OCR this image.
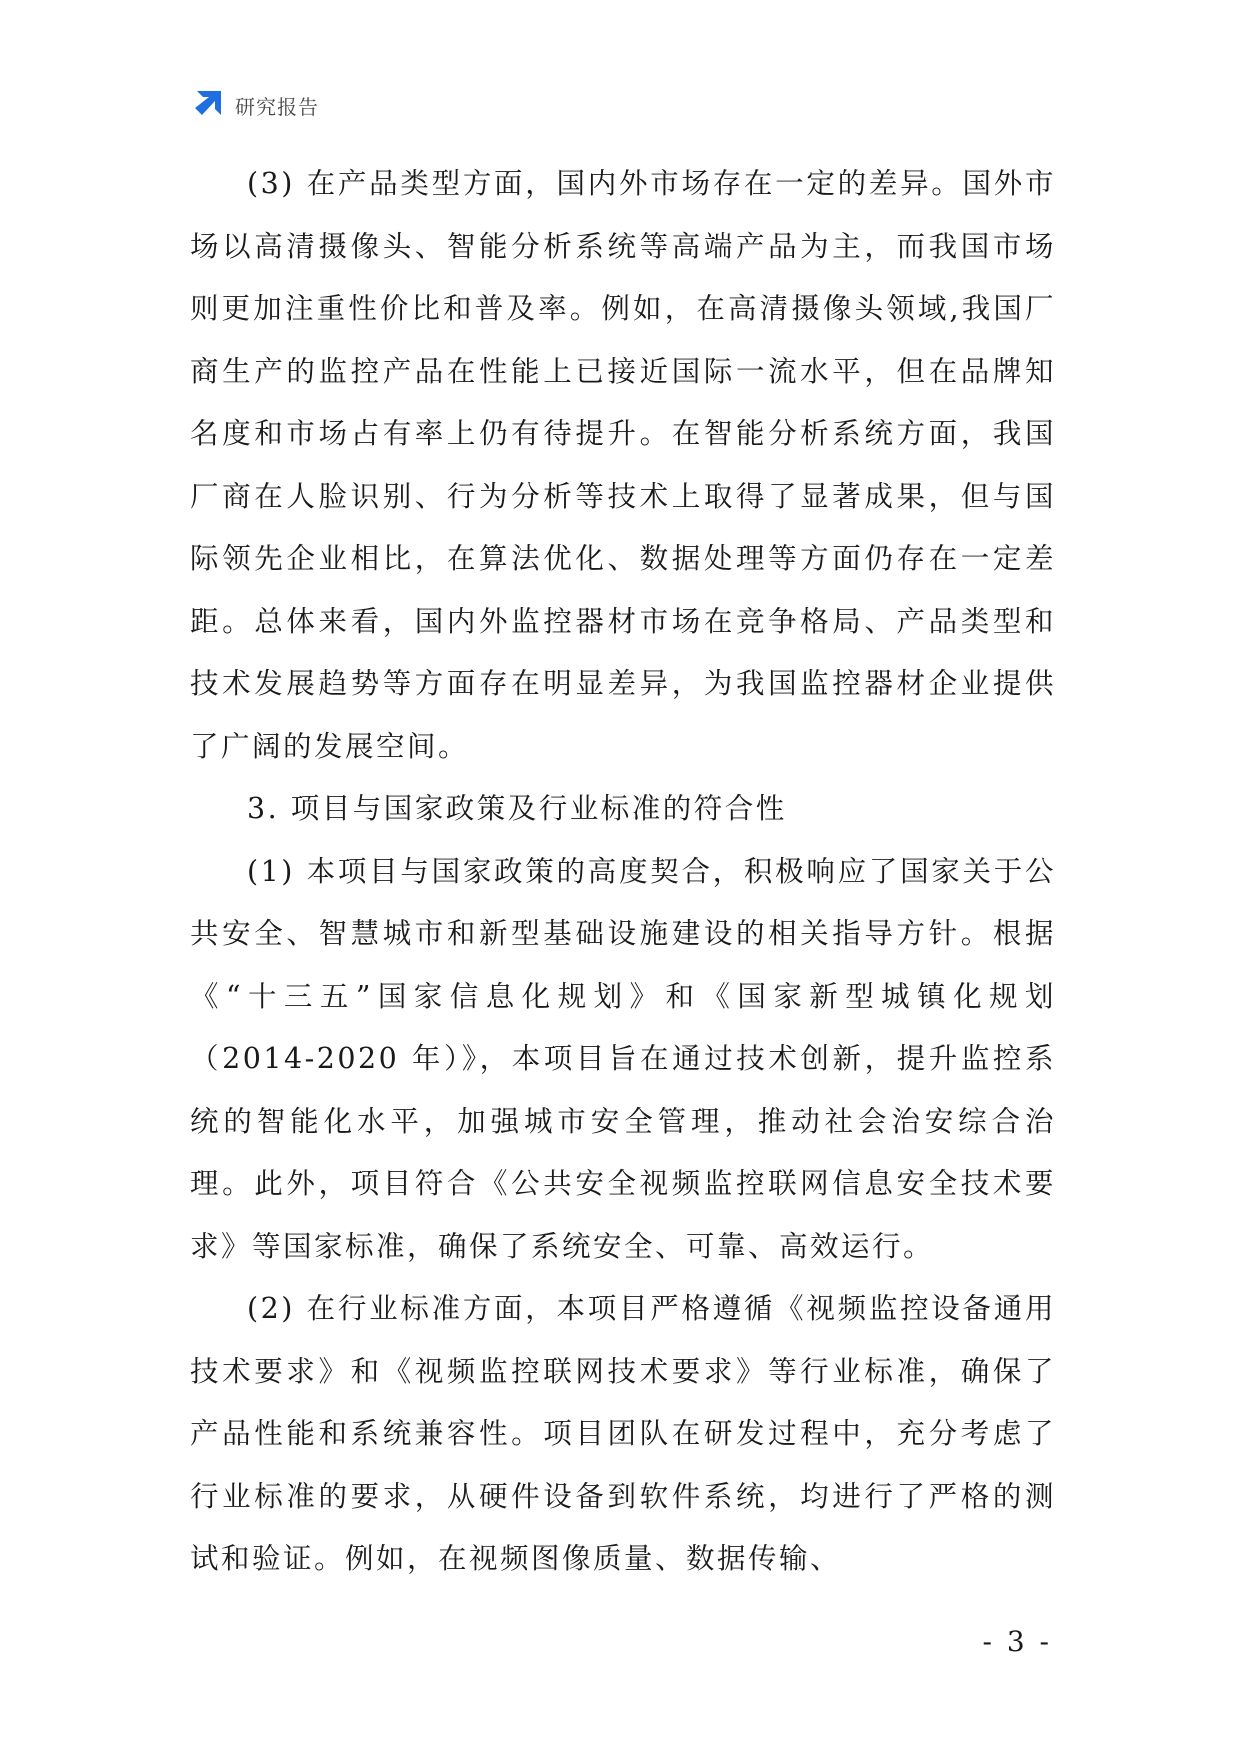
研究报告

(3) 在产品类型方面，国内外市场存在一定的差异。国外市场以高清摄像头、智能分析系统等高端产品为主，而我国市场则更加注重性价比和普及率。例如，在高清摄像头领域,我国厂商生产的监控产品在性能上已接近国际一流水平，但在品牌知名度和市场占有率上仍有待提升。在智能分析系统方面，我国厂商在人脸识别、行为分析等技术上取得了显著成果，但与国际领先企业相比，在算法优化、数据处理等方面仍存在一定差距。总体来看，国内外监控器材市场在竞争格局、产品类型和技术发展趋势等方面存在明显差异，为我国监控器材企业提供了广阔的发展空间。

3. 项目与国家政策及行业标准的符合性

(1) 本项目与国家政策的高度契合，积极响应了国家关于公共安全、智慧城市和新型基础设施建设的相关指导方针。根据《“十三五”国家信息化规划》和《国家新型城镇化规划（2014-2020 年）》，本项目旨在通过技术创新，提升监控系统的智能化水平，加强城市安全管理，推动社会治安综合治理。此外，项目符合《公共安全视频监控联网信息安全技术要求》等国家标准，确保了系统安全、可靠、高效运行。

(2) 在行业标准方面，本项目严格遵循《视频监控设备通用技术要求》和《视频监控联网技术要求》等行业标准，确保了产品性能和系统兼容性。项目团队在研发过程中，充分考虑了行业标准的要求，从硬件设备到软件系统，均进行了严格的测试和验证。例如，在视频图像质量、数据传输、

- 3 -
